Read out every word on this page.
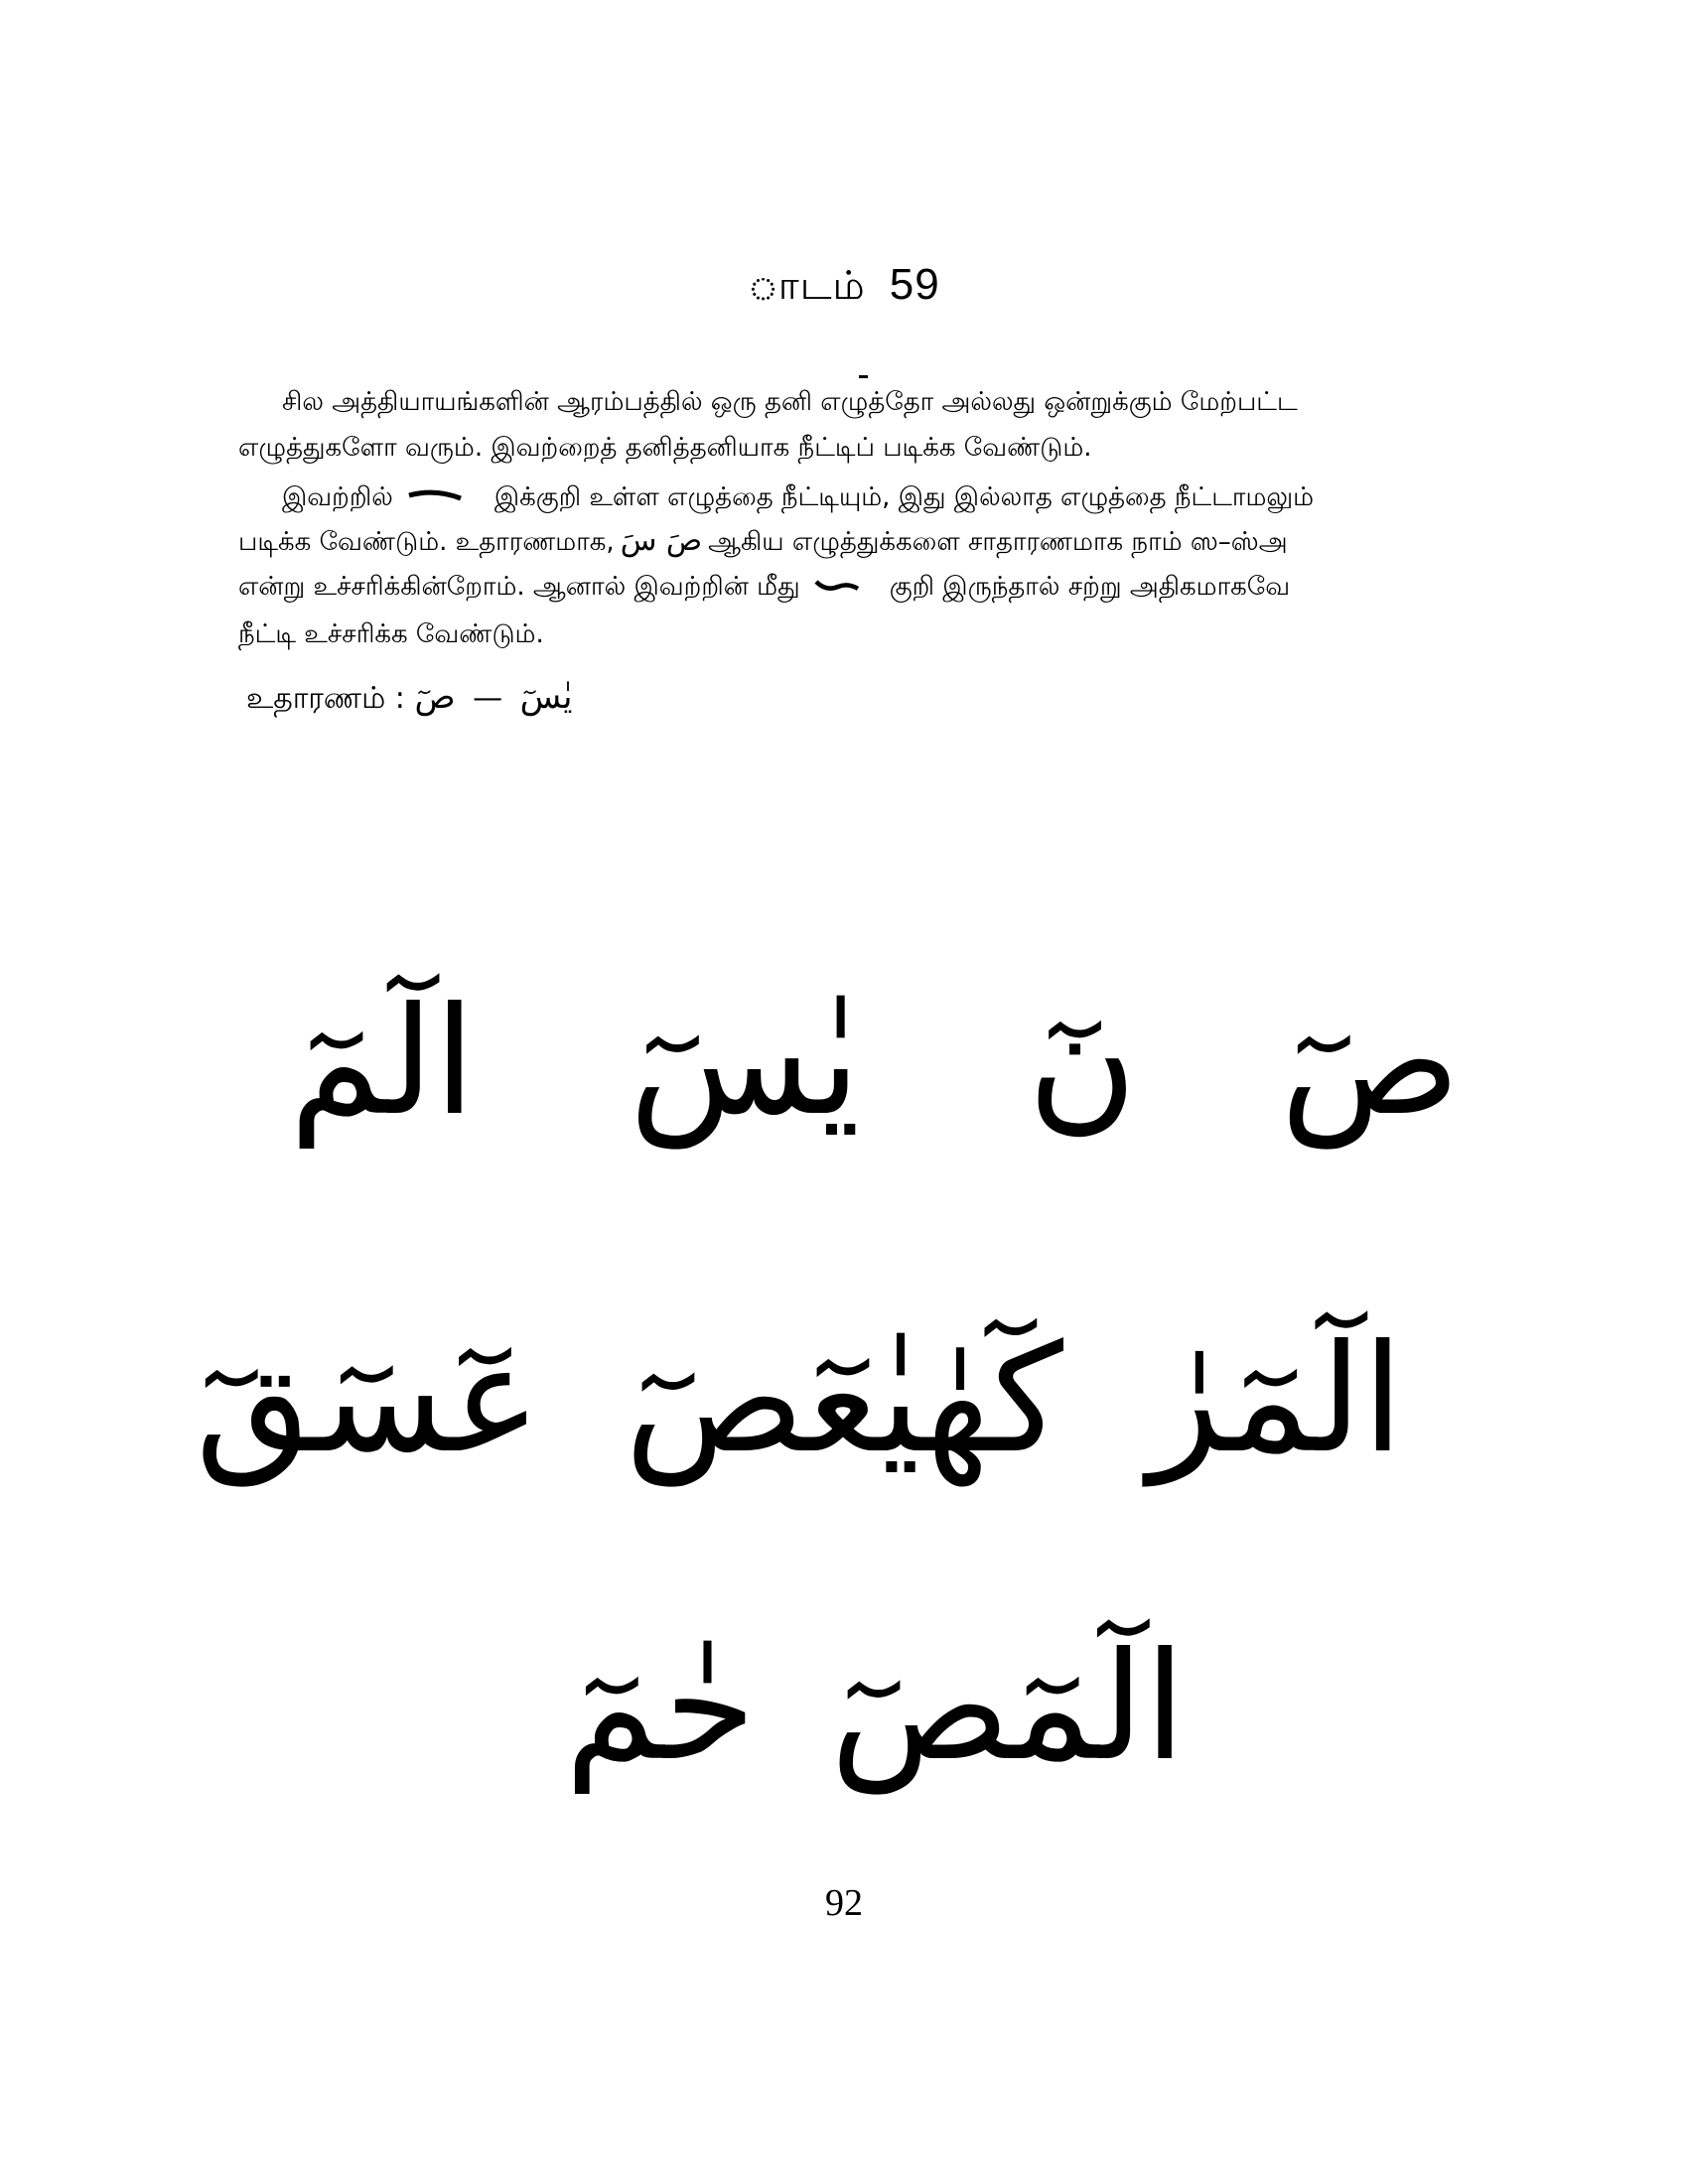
ாடம் 59
சில அத்தியாயங்களின் ஆரம்பத்தில் ஒரு தனி எழுத்தோ அல்லது ஒன்றுக்கும் மேற்பட்ட
எழுத்துகளோ வரும். இவற்றைத் தனித்தனியாக நீட்டிப் படிக்க வேண்டும்.
இவற்றில்	இக்குறி உள்ள எழுத்தை நீட்டியும், இது இல்லாத எழுத்தை நீட்டாமலும்
படிக்க வேண்டும். உதாரணமாக, صَ سَ ஆகிய எழுத்துக்களை சாதாரணமாக நாம் ஸ–ஸ்அ
என்று உச்சரிக்கின்றோம். ஆனால் இவற்றின் மீது	குறி இருந்தால் சற்று அதிகமாகவே
நீட்டி உச்சரிக்க வேண்டும்.
உதாரணம் : صٓ — يٰسٓ
صٓ
نٓ
يٰسٓ
الٓمٓ
الٓمٓرٰ
كٓهٰيٰعٓصٓ
عٓسٓقٓ
الٓمٓصٓ
حٰمٓ
92
